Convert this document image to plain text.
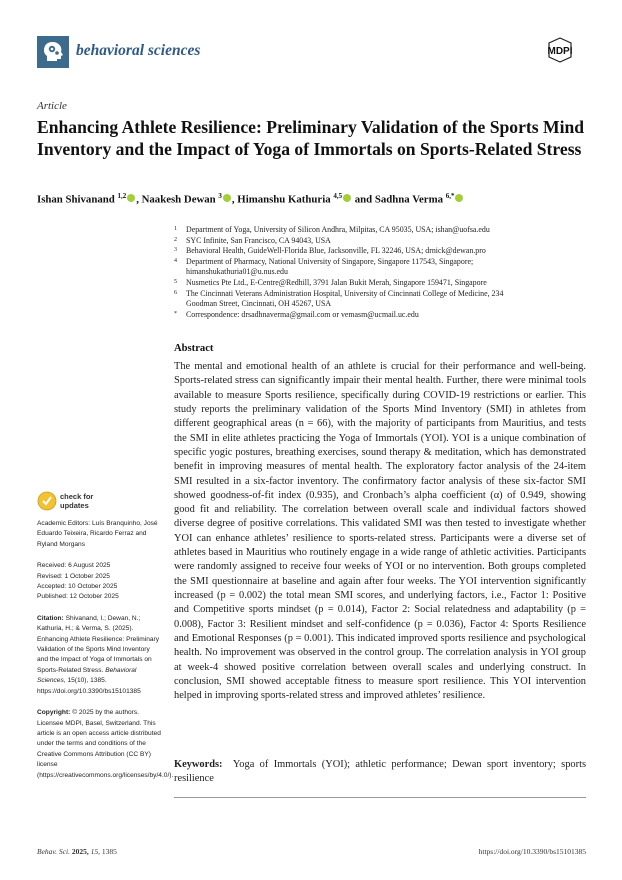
behavioral sciences	MDPI
Article
Enhancing Athlete Resilience: Preliminary Validation of the Sports Mind Inventory and the Impact of Yoga of Immortals on Sports-Related Stress
Ishan Shivanand $^{1,2}$ , Naakesh Dewan $^3$ , Himanshu Kathuria $^{4,5}$ and Sadhna Verma $^{6,*}$
1 Department of Yoga, University of Silicon Andhra, Milpitas, CA 95035, USA; ishan@uofsa.edu
2 SYC Infinite, San Francisco, CA 94043, USA
3 Behavioral Health, GuideWell-Florida Blue, Jacksonville, FL 32246, USA; drnick@dewan.pro
4 Department of Pharmacy, National University of Singapore, Singapore 117543, Singapore;
himanshukathuria01@u.nus.edu
5 Nusmetics Pte Ltd., E-Centre@Redhill, 3791 Jalan Bukit Merah, Singapore 159471, Singapore
6 The Cincinnati Veterans Administration Hospital, University of Cincinnati College of Medicine, 234
Goodman Street, Cincinnati, OH 45267, USA
* Correspondence: drsadhnaverma@gmail.com or vemasm@ucmail.uc.edu
check for
updates

Academic Editors: Luís Branquinho, José Eduardo Teixeira, Ricardo Ferraz and Ryland Morgans

Received: 6 August 2025

Revised: 1 October 2025

Accepted: 10 October 2025

Published: 12 October 2025

Citation: Shivanand, I.; Dewan, N.; Kathuria, H.; & Verma, S. (2025). Enhancing Athlete Resilience: Preliminary Validation of the Sports Mind Inventory and the Impact of Yoga of Immortals on Sports-Related Stress. Behavioral Sciences, 15(10), 1385. https://doi.org/10.3390/bs15101385

Copyright: © 2025 by the authors. Licensee MDPI, Basel, Switzerland. This article is an open access article distributed under the terms and conditions of the Creative Commons Attribution (CC BY) license (https://creativecommons.org/licenses/by/4.0/).

Abstract

The mental and emotional health of an athlete is crucial for their performance and well-being. Sports-related stress can significantly impair their mental health. Further, there were minimal tools available to measure Sports resilience, specifically during COVID-19 restrictions or earlier. This study reports the preliminary validation of the Sports Mind Inventory (SMI) in athletes from different geographical areas (n = 66), with the majority of participants from Mauritius, and tests the SMI in elite athletes practicing the Yoga of Immortals (YOI). YOI is a unique combination of specific yogic postures, breathing exercises, sound therapy & meditation, which has demonstrated benefit in improving measures of mental health. The exploratory factor analysis of the 24-item SMI resulted in a six-factor inventory. The confirmatory factor analysis of these six-factor SMI showed goodness-of-fit index (0.935), and Cronbach’s alpha coefficient (α) of 0.949, showing good fit and reliability. The correlation between overall scale and individual factors showed diverse degree of positive correlations. This validated SMI was then tested to investigate whether YOI can enhance athletes’ resilience to sports-related stress. Participants were a diverse set of athletes based in Mauritius who routinely engage in a wide range of athletic activities. Participants were randomly assigned to receive four weeks of YOI or no intervention. Both groups completed the SMI questionnaire at baseline and again after four weeks. The YOI intervention significantly increased (p = 0.002) the total mean SMI scores, and underlying factors, i.e., Factor 1: Positive and Competitive sports mindset (p = 0.014), Factor 2: Social relatedness and adaptability (p = 0.008), Factor 3: Resilient mindset and self-confidence (p = 0.036), Factor 4: Sports Resilience and Emotional Responses (p = 0.001). This indicated improved sports resilience and psychological health. No improvement was observed in the control group. The correlation analysis in YOI group at week-4 showed positive correlation between overall scales and underlying construct. In conclusion, SMI showed acceptable fitness to measure sport resilience. This YOI intervention helped in improving sports-related stress and improved athletes’ resilience.

Keywords: Yoga of Immortals (YOI); athletic performance; Dewan sport inventory; sports resilience

Behav. Sci. 2025, 15, 1385	https://doi.org/10.3390/bs15101385
